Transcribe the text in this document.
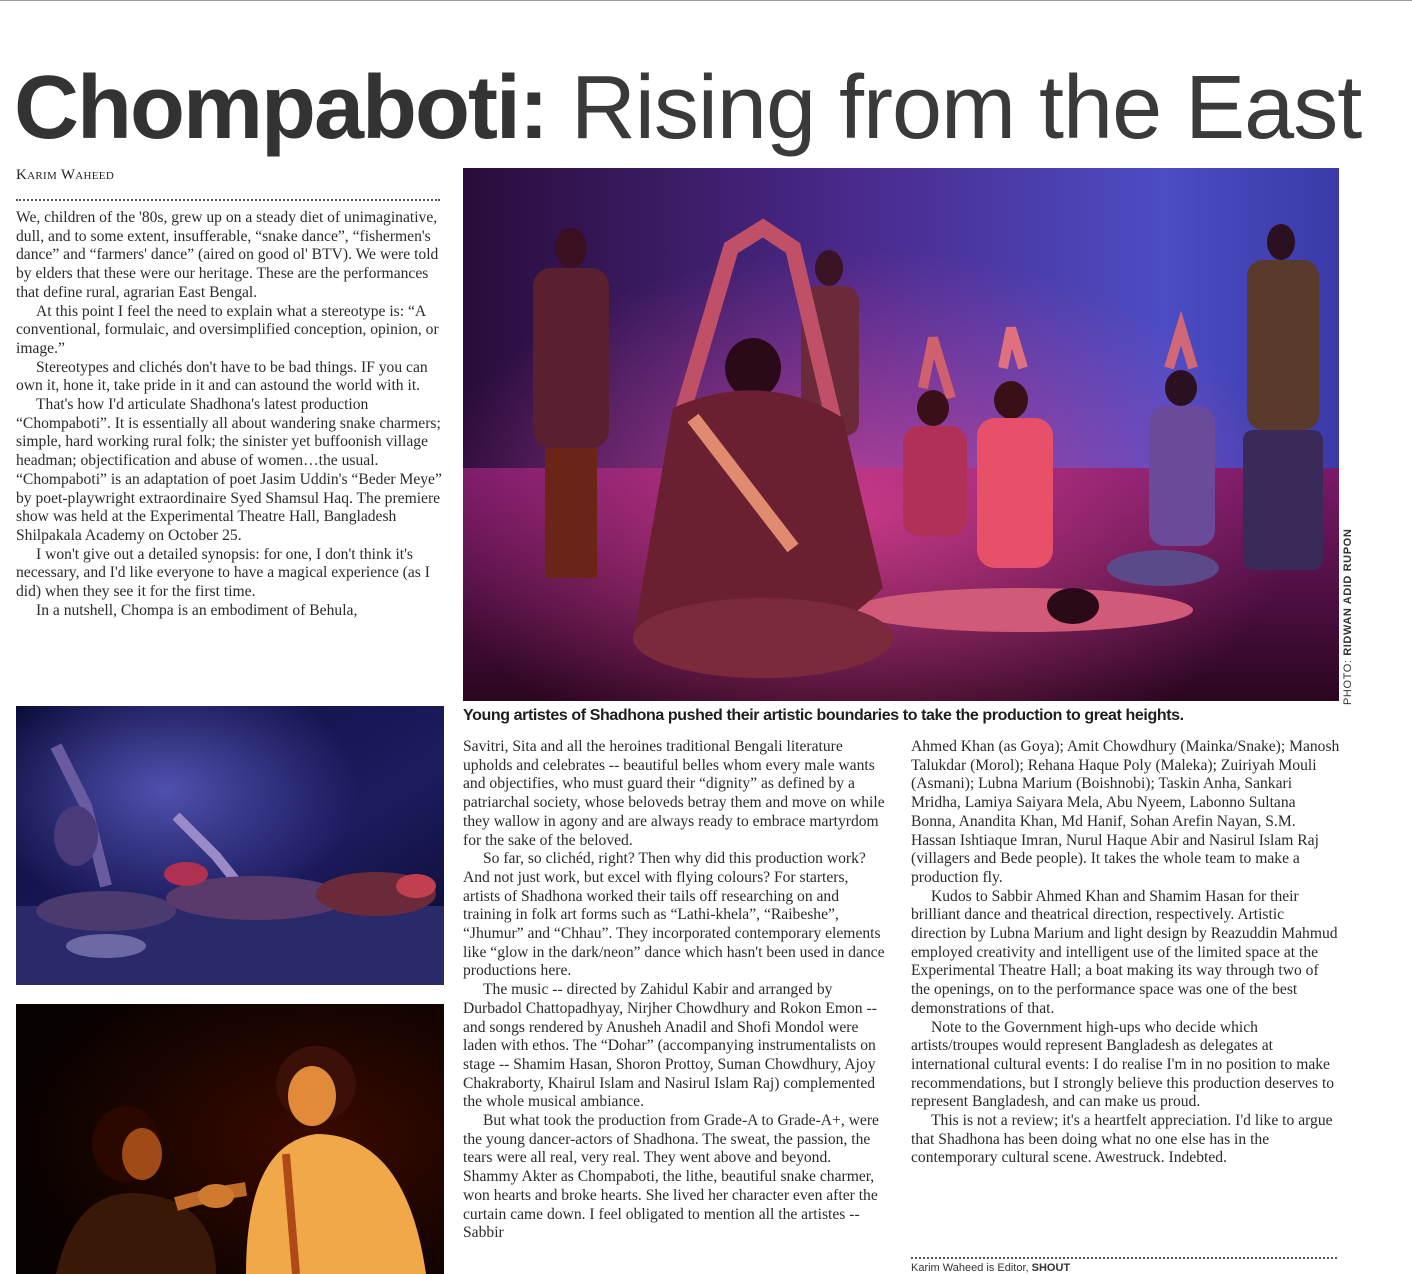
Chompaboti: Rising from the East
Karim Waheed

We, children of the '80s, grew up on a steady diet of unimaginative, dull, and to some extent, insufferable, “snake dance”, “fishermen's dance” and “farmers' dance” (aired on good ol' BTV). We were told by elders that these were our heritage. These are the performances that define rural, agrarian East Bengal.

At this point I feel the need to explain what a stereotype is: “A conventional, formulaic, and oversimplified conception, opinion, or image.”

Stereotypes and clichés don't have to be bad things. IF you can own it, hone it, take pride in it and can astound the world with it.

That's how I'd articulate Shadhona's latest production “Chompaboti”. It is essentially all about wandering snake charmers; simple, hard working rural folk; the sinister yet buffoonish village headman; objectification and abuse of women…the usual. “Chompaboti” is an adaptation of poet Jasim Uddin's “Beder Meye” by poet-playwright extraordinaire Syed Shamsul Haq. The premiere show was held at the Experimental Theatre Hall, Bangladesh Shilpakala Academy on October 25.

I won't give out a detailed synopsis: for one, I don't think it's necessary, and I'd like everyone to have a magical experience (as I did) when they see it for the first time.

In a nutshell, Chompa is an embodiment of Behula,

PHOTO: RIDWAN ADID RUPON
Young artistes of Shadhona pushed their artistic boundaries to take the production to great heights.

Savitri, Sita and all the heroines traditional Bengali literature upholds and celebrates -- beautiful belles whom every male wants and objectifies, who must guard their “dignity” as defined by a patriarchal society, whose beloveds betray them and move on while they wallow in agony and are always ready to embrace martyrdom for the sake of the beloved.

So far, so clichéd, right? Then why did this production work? And not just work, but excel with flying colours? For starters, artists of Shadhona worked their tails off researching on and training in folk art forms such as “Lathi-khela”, “Raibeshe”, “Jhumur” and “Chhau”. They incorporated contemporary elements like “glow in the dark/neon” dance which hasn't been used in dance productions here.

The music -- directed by Zahidul Kabir and arranged by Durbadol Chattopadhyay, Nirjher Chowdhury and Rokon Emon -- and songs rendered by Anusheh Anadil and Shofi Mondol were laden with ethos. The “Dohar” (accompanying instrumentalists on stage -- Shamim Hasan, Shoron Prottoy, Suman Chowdhury, Ajoy Chakraborty, Khairul Islam and Nasirul Islam Raj) complemented the whole musical ambiance.

But what took the production from Grade-A to Grade-A+, were the young dancer-actors of Shadhona. The sweat, the passion, the tears were all real, very real. They went above and beyond. Shammy Akter as Chompaboti, the lithe, beautiful snake charmer, won hearts and broke hearts. She lived her character even after the curtain came down. I feel obligated to mention all the artistes -- Sabbir

Ahmed Khan (as Goya); Amit Chowdhury (Mainka/Snake); Manosh Talukdar (Morol); Rehana Haque Poly (Maleka); Zuiriyah Mouli (Asmani); Lubna Marium (Boishnobi); Taskin Anha, Sankari Mridha, Lamiya Saiyara Mela, Abu Nyeem, Labonno Sultana Bonna, Anandita Khan, Md Hanif, Sohan Arefin Nayan, S.M. Hassan Ishtiaque Imran, Nurul Haque Abir and Nasirul Islam Raj (villagers and Bede people). It takes the whole team to make a production fly.

Kudos to Sabbir Ahmed Khan and Shamim Hasan for their brilliant dance and theatrical direction, respectively. Artistic direction by Lubna Marium and light design by Reazuddin Mahmud employed creativity and intelligent use of the limited space at the Experimental Theatre Hall; a boat making its way through two of the openings, on to the performance space was one of the best demonstrations of that.

Note to the Government high-ups who decide which artists/troupes would represent Bangladesh as delegates at international cultural events: I do realise I'm in no position to make recommendations, but I strongly believe this production deserves to represent Bangladesh, and can make us proud.

This is not a review; it's a heartfelt appreciation. I'd like to argue that Shadhona has been doing what no one else has in the contemporary cultural scene. Awestruck. Indebted.

Karim Waheed is Editor, SHOUT
